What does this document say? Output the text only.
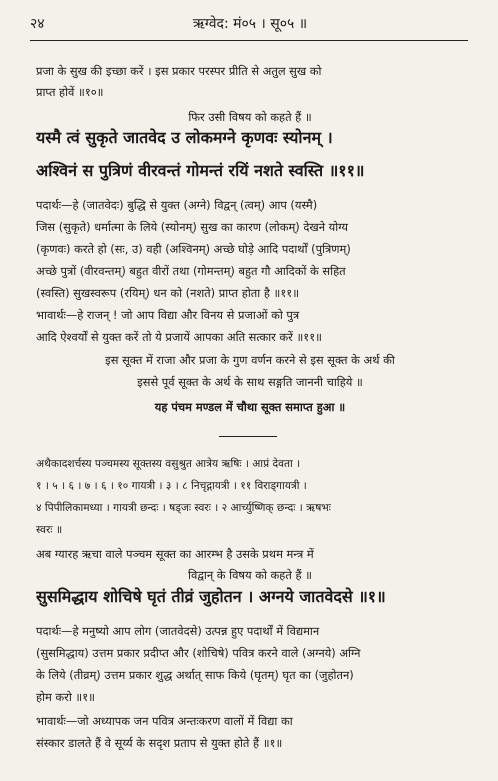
२४	ऋग्वेद: मं०५ । सू०५ ॥
प्रजा के सुख की इच्छा करें । इस प्रकार परस्पर प्रीति से अतुल सुख को
प्राप्त होवें ॥१०॥
फिर उसी विषय को कहते हैं ॥
यस्मै त्वं सुकृते जातवेद उ लोकमग्ने कृणवः स्योनम् ।
अश्विनं स पुत्रिणं वीरवन्तं गोमन्तं रयिं नशते स्वस्ति ॥११॥
पदार्थः—हे (जातवेदः) बुद्धि से युक्त (अग्ने) विद्वन् (त्वम्) आप (यस्मै)
जिस (सुकृते) धर्मात्मा के लिये (स्योनम्) सुख का कारण (लोकम्) देखने योग्य
(कृणवः) करते हो (सः, उ) वही (अश्विनम्) अच्छे घोड़े आदि पदार्थों (पुत्रिणम्)
अच्छे पुत्रों (वीरवन्तम्) बहुत वीरों तथा (गोमन्तम्) बहुत गौ आदिकों के सहित
(स्वस्ति) सुखस्वरूप (रयिम्) धन को (नशते) प्राप्त होता है ॥११॥
भावार्थः—हे राजन् ! जो आप विद्या और विनय से प्रजाओं को पुत्र
आदि ऐश्वर्यों से युक्त करें तो ये प्रजायें आपका अति सत्कार करें ॥११॥
इस सूक्त में राजा और प्रजा के गुण वर्णन करने से इस सूक्त के अर्थ की
इससे पूर्व सूक्त के अर्थ के साथ सङ्गति जाननी चाहिये ॥
यह पंचम मण्डल में चौथा सूक्त समाप्त हुआ ॥
अथैकादशर्चस्य पञ्चमस्य सूक्तस्य वसुश्रुत आत्रेय ऋषिः । आप्रं देवता ।
१ । ५ । ६ । ७ । ६ । १० गायत्री । ३ । ८ निचृद्गायत्री । ११ विराड्गायत्री ।
४ पिपीलिकामध्या । गायत्री छन्दः । षड्जः स्वरः । २ आर्च्युष्णिक् छन्दः । ऋषभः
स्वरः ॥
अब ग्यारह ऋचा वाले पञ्चम सूक्त का आरम्भ है उसके प्रथम मन्त्र में
विद्वान् के विषय को कहते हैं ॥
सुसमिद्धाय शोचिषे घृतं तीव्रं जुहोतन । अग्नये जातवेदसे ॥१॥
पदार्थः—हे मनुष्यो आप लोग (जातवेदसे) उत्पन्न हुए पदार्थों में विद्यमान
(सुसमिद्धाय) उत्तम प्रकार प्रदीप्त और (शोचिषे) पवित्र करने वाले (अग्नये) अग्नि
के लिये (तीव्रम्) उत्तम प्रकार शुद्ध अर्थात् साफ किये (घृतम्) घृत का (जुहोतन)
होम करो ॥१॥
भावार्थः—जो अध्यापक जन पवित्र अन्तःकरण वालों में विद्या का
संस्कार डालते हैं वे सूर्य्य के सदृश प्रताप से युक्त होते हैं ॥१॥
